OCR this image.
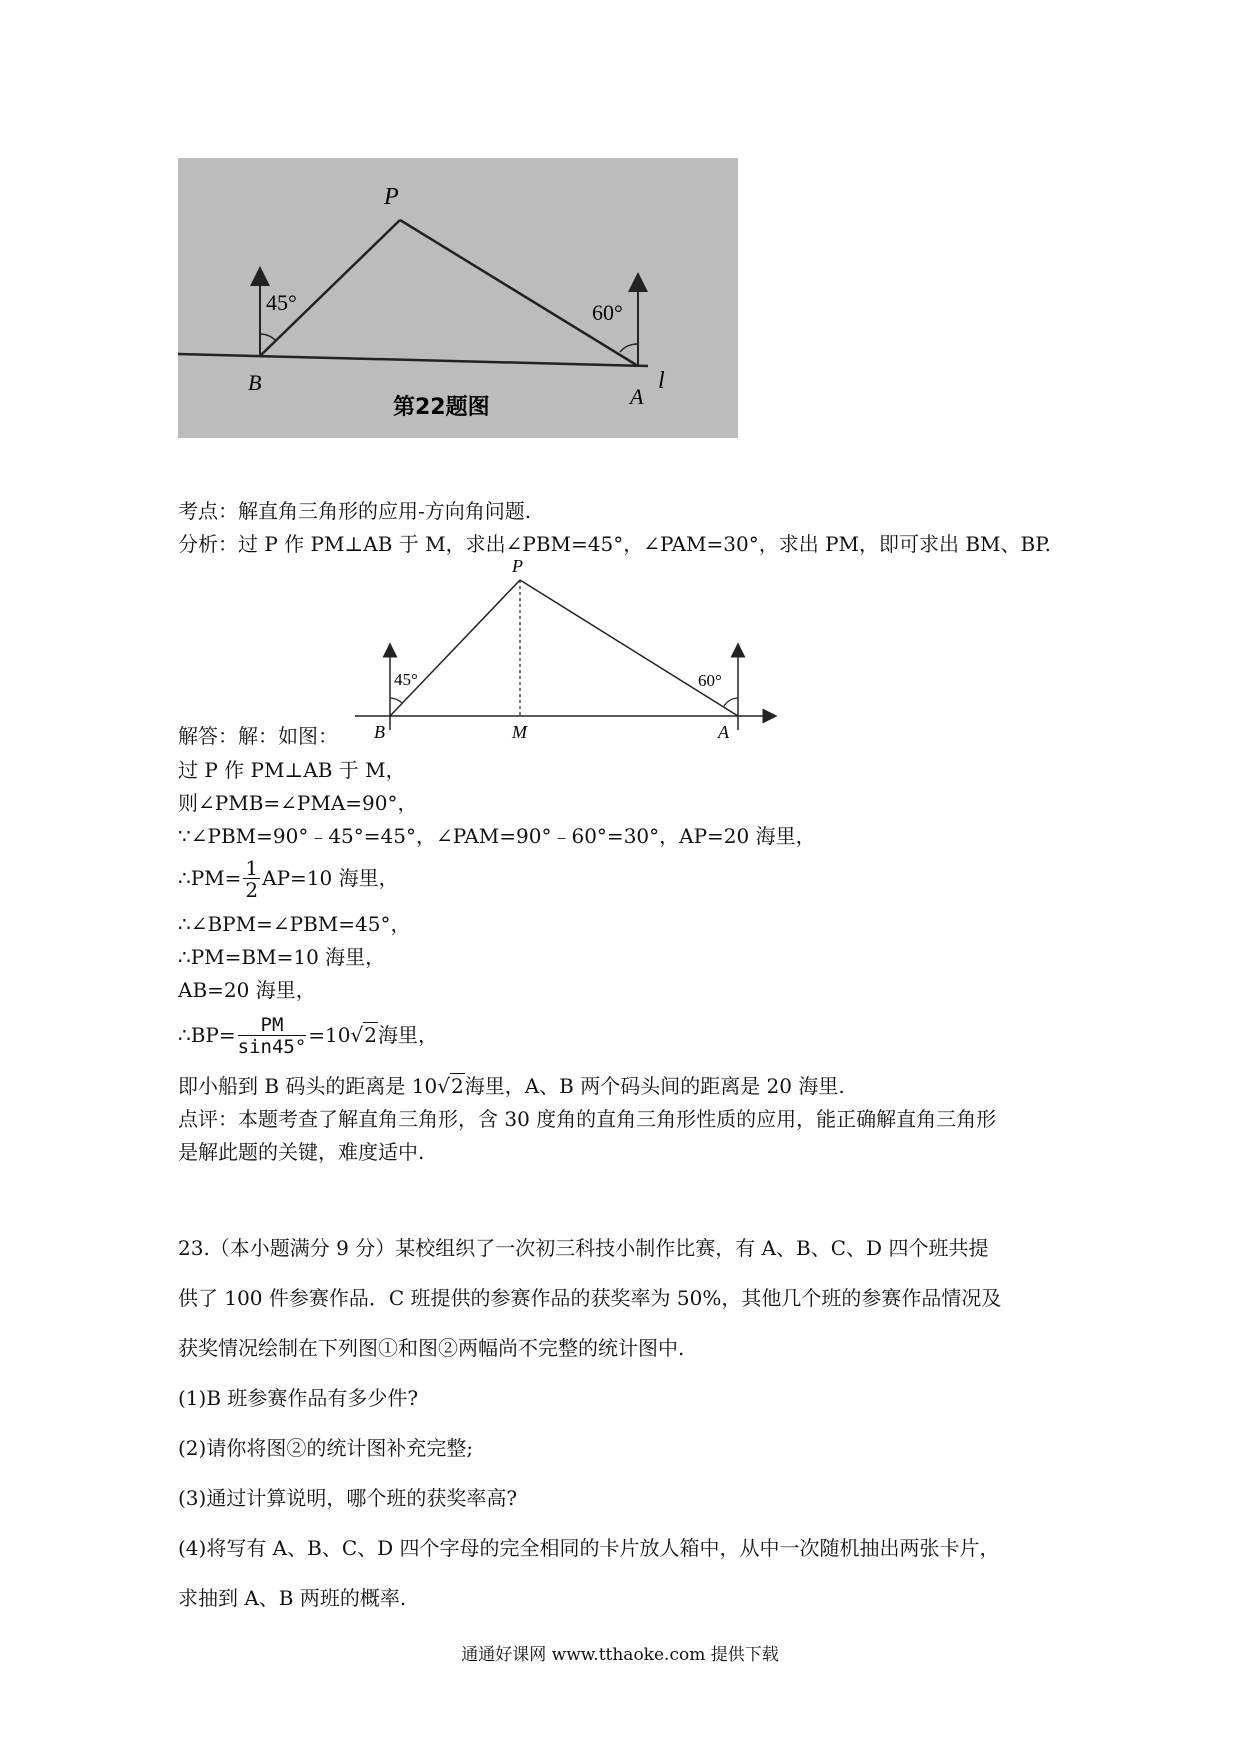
P
B
A
l
45°	60°
第22题图
考点：解直角三角形的应用-方向角问题.
分析：过 P 作 PM⊥AB 于 M，求出∠PBM=45°，∠PAM=30°，求出 PM，即可求出 BM、BP.
P
B	M	A
45°	60°
解答：解：如图：
过 P 作 PM⊥AB 于 M，
则∠PMB=∠PMA=90°，
∵∠PBM=90°﹣45°=45°，∠PAM=90°﹣60°=30°，AP=20 海里，
∴PM= $\frac{1}{2} AP=10$ 海里，
∴∠BPM=∠PBM=45°，
∴PM=BM=10 海里，
AB=20 海里，
∴BP= $\frac{PM}{\sin 45^\circ} =10√2$海里，
即小船到 B 码头的距离是 10√2海里，A、B 两个码头间的距离是 20 海里.
点评：本题考查了解直角三角形，含 30 度角的直角三角形性质的应用，能正确解直角三角形
是解此题的关键，难度适中.
23.（本小题满分 9 分）某校组织了一次初三科技小制作比赛，有 A、B、C、D 四个班共提
供了 100 件参赛作品．C 班提供的参赛作品的获奖率为 50%，其他几个班的参赛作品情况及
获奖情况绘制在下列图①和图②两幅尚不完整的统计图中.
(1)B 班参赛作品有多少件?
(2)请你将图②的统计图补充完整;
(3)通过计算说明，哪个班的获奖率高?
(4)将写有 A、B、C、D 四个字母的完全相同的卡片放人箱中，从中一次随机抽出两张卡片，
求抽到 A、B 两班的概率.
通通好课网 www.tthaoke.com 提供下载
